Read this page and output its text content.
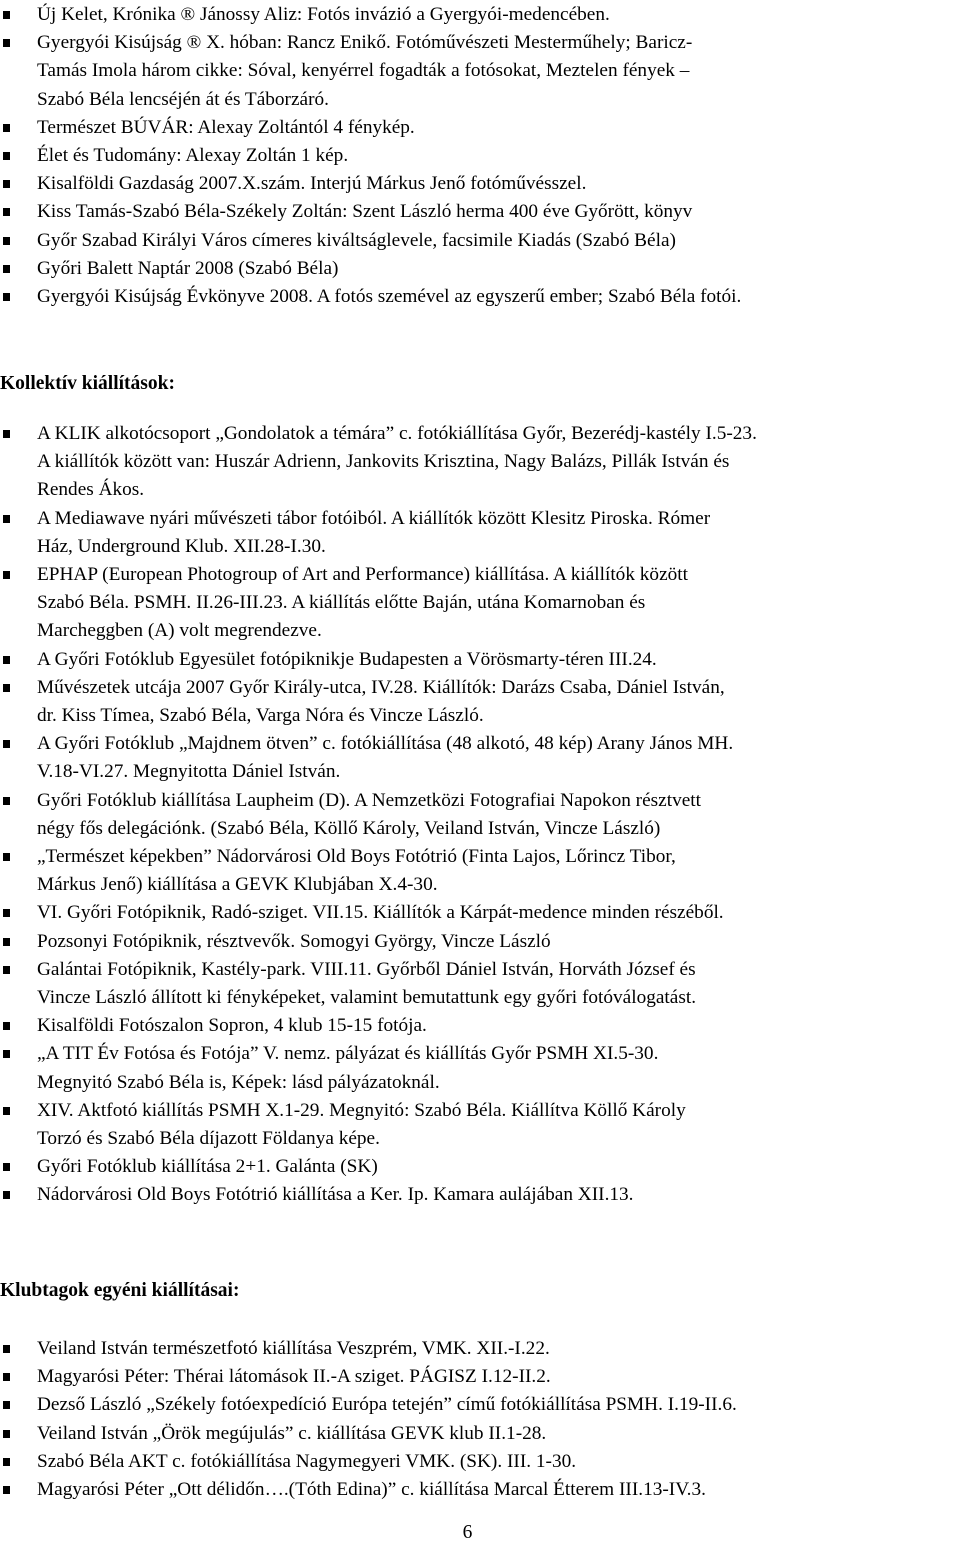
Új Kelet, Krónika ® Jánossy Aliz: Fotós invázió a Gyergyói-medencében.
Gyergyói Kisújság ® X. hóban: Rancz Enikő. Fotóművészeti Mesterműhely; Baricz-
Tamás Imola három cikke: Sóval, kenyérrel fogadták a fotósokat, Meztelen fények –
Szabó Béla lencséjén át és Táborzáró.
Természet BÚVÁR: Alexay Zoltántól 4 fénykép.
Élet és Tudomány: Alexay Zoltán 1 kép.
Kisalföldi Gazdaság 2007.X.szám. Interjú Márkus Jenő fotóművésszel.
Kiss Tamás-Szabó Béla-Székely Zoltán: Szent László herma 400 éve Győrött, könyv
Győr Szabad Királyi Város címeres kiváltságlevele, facsimile Kiadás (Szabó Béla)
Győri Balett Naptár 2008 (Szabó Béla)
Gyergyói Kisújság Évkönyve 2008. A fotós szemével az egyszerű ember; Szabó Béla fotói.
Kollektív kiállítások:
A KLIK alkotócsoport „Gondolatok a témára” c. fotókiállítása Győr, Bezerédj-kastély I.5-23.
A kiállítók között van: Huszár Adrienn, Jankovits Krisztina, Nagy Balázs, Pillák István és
Rendes Ákos.
A Mediawave nyári művészeti tábor fotóiból. A kiállítók között Klesitz Piroska. Rómer
Ház, Underground Klub. XII.28-I.30.
EPHAP (European Photogroup of Art and Performance) kiállítása. A kiállítók között
Szabó Béla. PSMH. II.26-III.23. A kiállítás előtte Baján, utána Komarnoban és
Marcheggben (A) volt megrendezve.
A Győri Fotóklub Egyesület fotópiknikje Budapesten a Vörösmarty-téren III.24.
Művészetek utcája 2007 Győr Király-utca, IV.28. Kiállítók: Darázs Csaba, Dániel István,
dr. Kiss Tímea, Szabó Béla, Varga Nóra és Vincze László.
A Győri Fotóklub „Majdnem ötven” c. fotókiállítása (48 alkotó, 48 kép) Arany János MH.
V.18-VI.27. Megnyitotta Dániel István.
Győri Fotóklub kiállítása Laupheim (D). A Nemzetközi Fotografiai Napokon résztvett
négy fős delegációnk. (Szabó Béla, Köllő Károly, Veiland István, Vincze László)
„Természet képekben” Nádorvárosi Old Boys Fotótrió (Finta Lajos, Lőrincz Tibor,
Márkus Jenő) kiállítása a GEVK Klubjában X.4-30.
VI. Győri Fotópiknik, Radó-sziget. VII.15. Kiállítók a Kárpát-medence minden részéből.
Pozsonyi Fotópiknik, résztvevők. Somogyi György, Vincze László
Galántai Fotópiknik, Kastély-park. VIII.11. Győrből Dániel István, Horváth József és
Vincze László állított ki fényképeket, valamint bemutattunk egy győri fotóválogatást.
Kisalföldi Fotószalon Sopron, 4 klub 15-15 fotója.
„A TIT Év Fotósa és Fotója” V. nemz. pályázat és kiállítás Győr PSMH XI.5-30.
Megnyitó Szabó Béla is, Képek: lásd pályázatoknál.
XIV. Aktfotó kiállítás PSMH X.1-29. Megnyitó: Szabó Béla. Kiállítva Köllő Károly
Torzó és Szabó Béla díjazott Földanya képe.
Győri Fotóklub kiállítása 2+1. Galánta (SK)
Nádorvárosi Old Boys Fotótrió kiállítása a Ker. Ip. Kamara aulájában XII.13.
Klubtagok egyéni kiállításai:
Veiland István természetfotó kiállítása Veszprém, VMK. XII.-I.22.
Magyarósi Péter: Thérai látomások II.-A sziget. PÁGISZ I.12-II.2.
Dezső László „Székely fotóexpedíció Európa tetején” című fotókiállítása PSMH. I.19-II.6.
Veiland István „Örök megújulás” c. kiállítása GEVK klub II.1-28.
Szabó Béla AKT c. fotókiállítása Nagymegyeri VMK. (SK). III. 1-30.
Magyarósi Péter „Ott délidőn….(Tóth Edina)” c. kiállítása Marcal Étterem III.13-IV.3.
6
